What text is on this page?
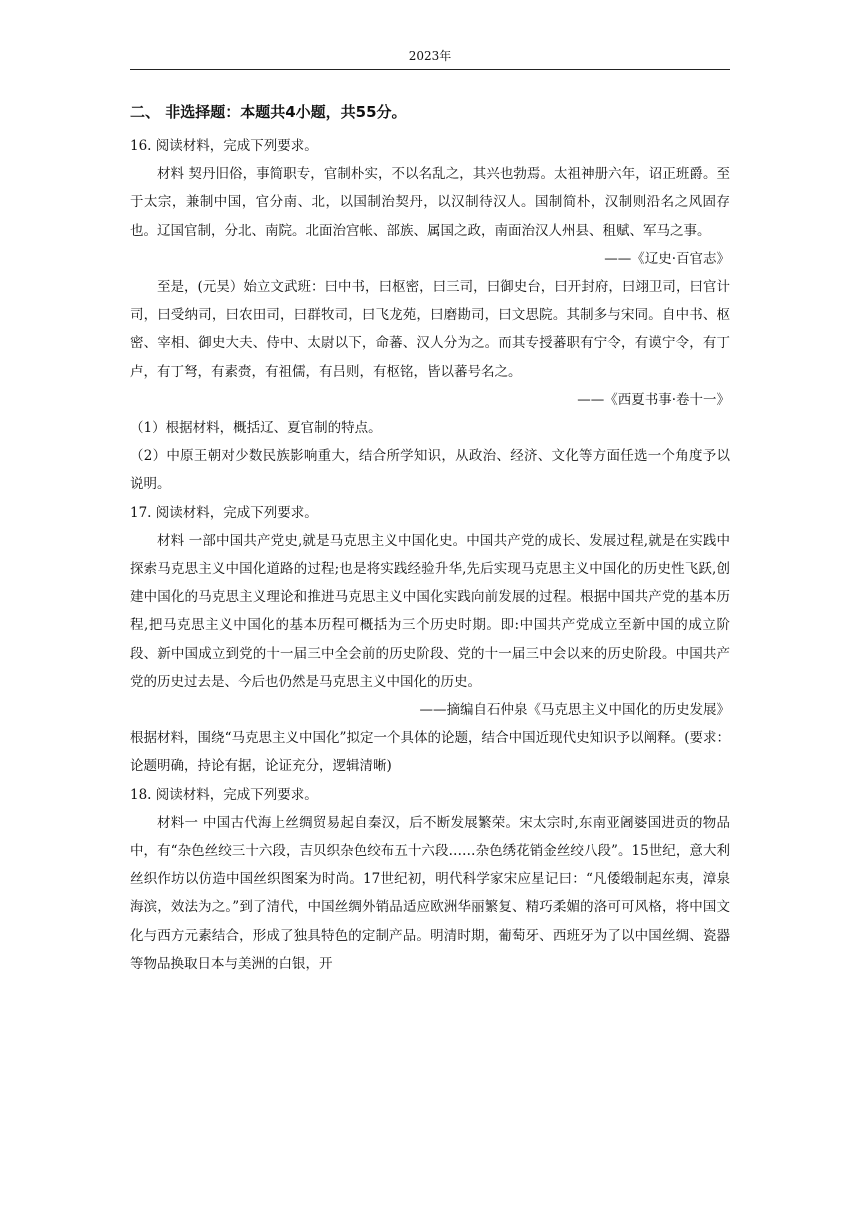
2023年
二、 非选择题：本题共4小题，共55分。

16. 阅读材料，完成下列要求。

材料 契丹旧俗，事简职专，官制朴实，不以名乱之，其兴也勃焉。太祖神册六年，诏正班爵。至于太宗，兼制中国，官分南、北，以国制治契丹，以汉制待汉人。国制简朴，汉制则沿名之风固存也。辽国官制，分北、南院。北面治宫帐、部族、属国之政，南面治汉人州县、租赋、军马之事。

——《辽史·百官志》

至是，(元昊）始立文武班：曰中书，曰枢密，曰三司，曰御史台，曰开封府，曰翊卫司，曰官计司，曰受纳司，曰农田司，曰群牧司，曰飞龙苑，曰磨勘司，曰文思院。其制多与宋同。自中书、枢密、宰相、御史大夫、侍中、太尉以下，命蕃、汉人分为之。而其专授蕃职有宁令，有谟宁令，有丁卢，有丁弩，有素赍，有祖儒，有吕则，有枢铭，皆以蕃号名之。

——《西夏书事·卷十一》

（1）根据材料，概括辽、夏官制的特点。

（2）中原王朝对少数民族影响重大，结合所学知识，从政治、经济、文化等方面任选一个角度予以说明。

17. 阅读材料，完成下列要求。

材料 一部中国共产党史,就是马克思主义中国化史。中国共产党的成长、发展过程,就是在实践中探索马克思主义中国化道路的过程;也是将实践经验升华,先后实现马克思主义中国化的历史性飞跃,创建中国化的马克思主义理论和推进马克思主义中国化实践向前发展的过程。根据中国共产党的基本历程,把马克思主义中国化的基本历程可概括为三个历史时期。即:中国共产党成立至新中国的成立阶段、新中国成立到党的十一届三中全会前的历史阶段、党的十一届三中会以来的历史阶段。中国共产党的历史过去是、今后也仍然是马克思主义中国化的历史。

——摘编自石仲泉《马克思主义中国化的历史发展》

根据材料，围绕“马克思主义中国化”拟定一个具体的论题，结合中国近现代史知识予以阐释。(要求：论题明确，持论有据，论证充分，逻辑清晰)

18. 阅读材料，完成下列要求。

材料一 中国古代海上丝绸贸易起自秦汉，后不断发展繁荣。宋太宗时,东南亚阇婆国进贡的物品中，有“杂色丝绞三十六段，吉贝织杂色绞布五十六段……杂色绣花销金丝绞八段”。15世纪，意大利丝织作坊以仿造中国丝织图案为时尚。17世纪初，明代科学家宋应星记曰：“凡倭缎制起东夷，漳泉海滨，效法为之。”到了清代，中国丝绸外销品适应欧洲华丽繁复、精巧柔媚的洛可可风格，将中国文化与西方元素结合，形成了独具特色的定制产品。明清时期，葡萄牙、西班牙为了以中国丝绸、瓷器等物品换取日本与美洲的白银，开
